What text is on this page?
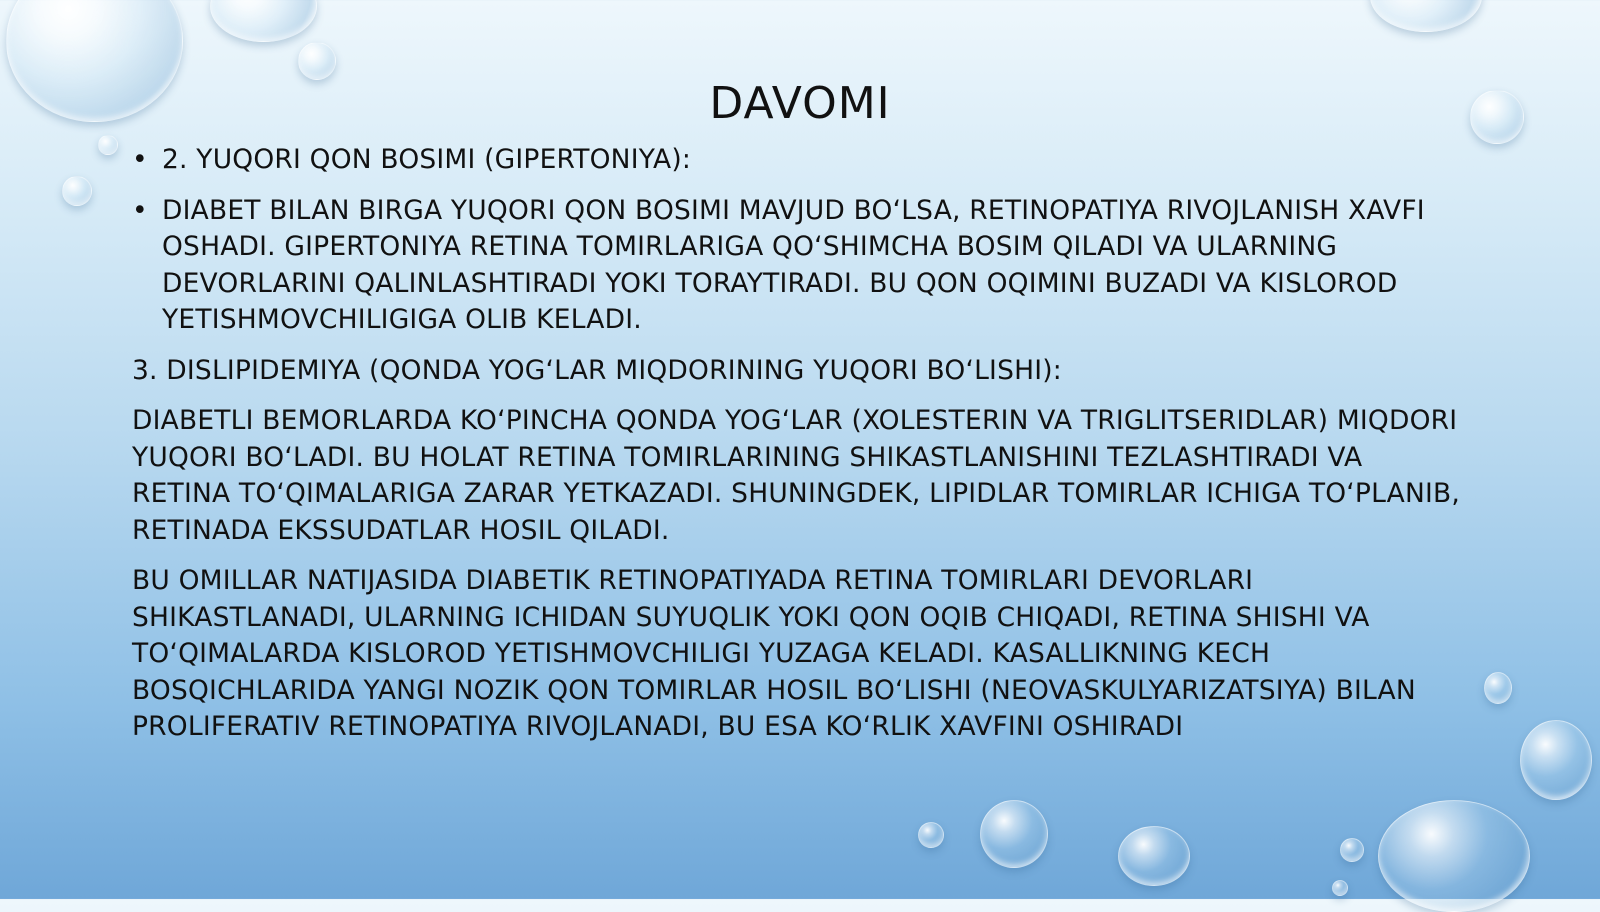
DAVOMI
• 2. YUQORI QON BOSIMI (GIPERTONIYA):
• DIABET BILAN BIRGA YUQORI QON BOSIMI MAVJUD BO‘LSA, RETINOPATIYA RIVOJLANISH XAVFI OSHADI. GIPERTONIYA RETINA TOMIRLARIGA QO‘SHIMCHA BOSIM QILADI VA ULARNING DEVORLARINI QALINLASHTIRADI YOKI TORAYTIRADI. BU QON OQIMINI BUZADI VA KISLOROD YETISHMOVCHILIGIGA OLIB KELADI.

3. DISLIPIDEMIYA (QONDA YOG‘LAR MIQDORINING YUQORI BO‘LISHI):

DIABETLI BEMORLARDA KO‘PINCHA QONDA YOG‘LAR (XOLESTERIN VA TRIGLITSERIDLAR) MIQDORI YUQORI BO‘LADI. BU HOLAT RETINA TOMIRLARINING SHIKASTLANISHINI TEZLASHTIRADI VA RETINA TO‘QIMALARIGA ZARAR YETKAZADI. SHUNINGDEK, LIPIDLAR TOMIRLAR ICHIGA TO‘PLANIB, RETINADA EKSSUDATLAR HOSIL QILADI.

BU OMILLAR NATIJASIDA DIABETIK RETINOPATIYADA RETINA TOMIRLARI DEVORLARI SHIKASTLANADI, ULARNING ICHIDAN SUYUQLIK YOKI QON OQIB CHIQADI, RETINA SHISHI VA TO‘QIMALARDA KISLOROD YETISHMOVCHILIGI YUZAGA KELADI. KASALLIKNING KECH BOSQICHLARIDA YANGI NOZIK QON TOMIRLAR HOSIL BO‘LISHI (NEOVASKULYARIZATSIYA) BILAN PROLIFERATIV RETINOPATIYA RIVOJLANADI, BU ESA KO‘RLIK XAVFINI OSHIRADI
